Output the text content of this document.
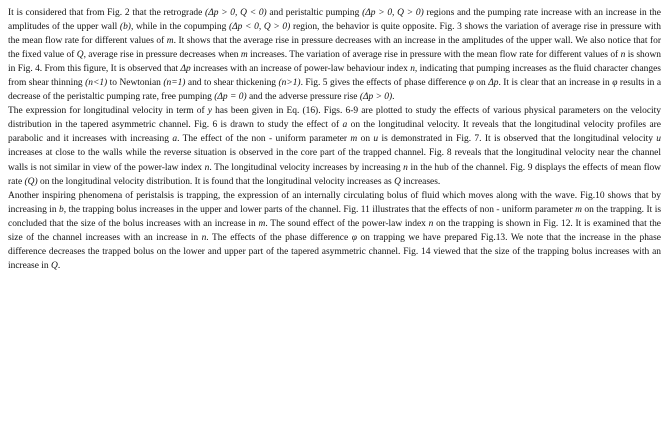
It is considered that from Fig. 2 that the retrograde (Δp > 0, Q < 0) and peristaltic pumping (Δp > 0, Q > 0) regions and the pumping rate increase with an increase in the amplitudes of the upper wall (b), while in the copumping (Δp < 0, Q > 0) region, the behavior is quite opposite. Fig. 3 shows the variation of average rise in pressure with the mean flow rate for different values of m. It shows that the average rise in pressure decreases with an increase in the amplitudes of the upper wall. We also notice that for the fixed value of Q, average rise in pressure decreases when m increases. The variation of average rise in pressure with the mean flow rate for different values of n is shown in Fig. 4. From this figure, It is observed that Δp increases with an increase of power-law behaviour index n, indicating that pumping increases as the fluid character changes from shear thinning (n<1) to Newtonian (n=1) and to shear thickening (n>1). Fig. 5 gives the effects of phase difference φ on Δp. It is clear that an increase in φ results in a decrease of the peristaltic pumping rate, free pumping (Δp = 0) and the adverse pressure rise (Δp > 0).

The expression for longitudinal velocity in term of y has been given in Eq. (16). Figs. 6-9 are plotted to study the effects of various physical parameters on the velocity distribution in the tapered asymmetric channel. Fig. 6 is drawn to study the effect of a on the longitudinal velocity. It reveals that the longitudinal velocity profiles are parabolic and it increases with increasing a. The effect of the non - uniform parameter m on u is demonstrated in Fig. 7. It is observed that the longitudinal velocity u increases at close to the walls while the reverse situation is observed in the core part of the trapped channel. Fig. 8 reveals that the longitudinal velocity near the channel walls is not similar in view of the power-law index n. The longitudinal velocity increases by increasing n in the hub of the channel. Fig. 9 displays the effects of mean flow rate (Q) on the longitudinal velocity distribution. It is found that the longitudinal velocity increases as Q increases.

Another inspiring phenomena of peristalsis is trapping, the expression of an internally circulating bolus of fluid which moves along with the wave. Fig.10 shows that by increasing in b, the trapping bolus increases in the upper and lower parts of the channel. Fig. 11 illustrates that the effects of non - uniform parameter m on the trapping. It is concluded that the size of the bolus increases with an increase in m. The sound effect of the power-law index n on the trapping is shown in Fig. 12. It is examined that the size of the channel increases with an increase in n. The effects of the phase difference φ on trapping we have prepared Fig.13. We note that the increase in the phase difference decreases the trapped bolus on the lower and upper part of the tapered asymmetric channel. Fig. 14 viewed that the size of the trapping bolus increases with an increase in Q.
